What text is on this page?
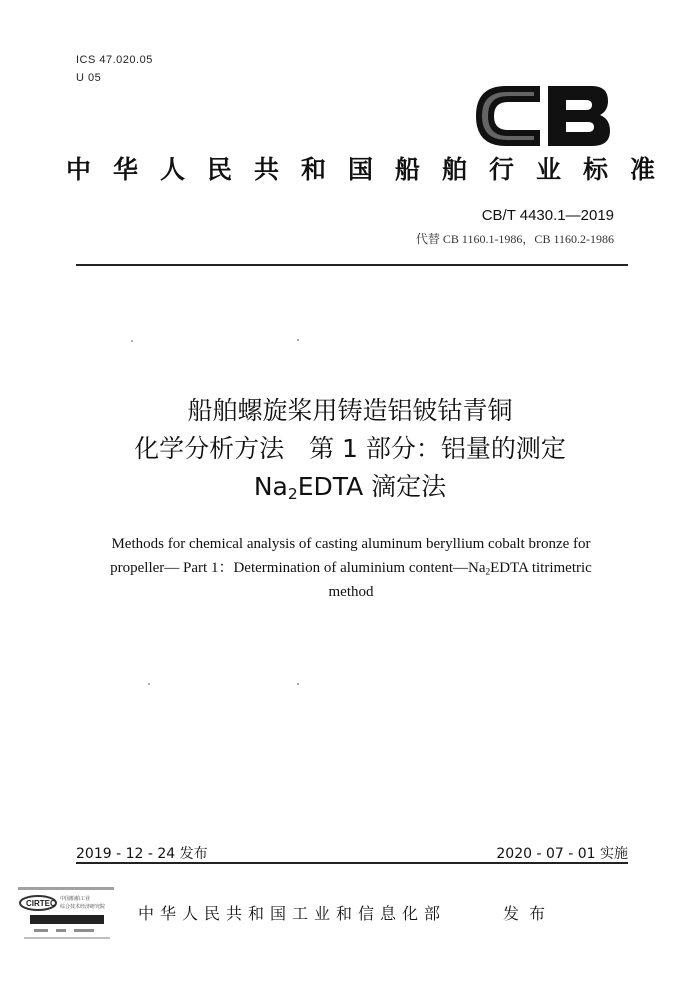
ICS 47.020.05
U 05
中华人民共和国船舶行业标准
CB/T 4430.1—2019
代替 CB 1160.1-1986，CB 1160.2-1986
船舶螺旋桨用铸造铝铍钴青铜
化学分析方法　第 1 部分：铝量的测定
$Na_2EDTA$ 滴定法
Methods for chemical analysis of casting aluminum beryllium cobalt bronze for
propeller— Part 1：Determination of aluminium $content—Na_2EDTA$ titrimetric
method
2019 - 12 - 24 发布	2020 - 07 - 01 实施
CIRTEC 中国船舶工业
综合技术经济研究院 中华人民共和国工业和信息化部	发布
